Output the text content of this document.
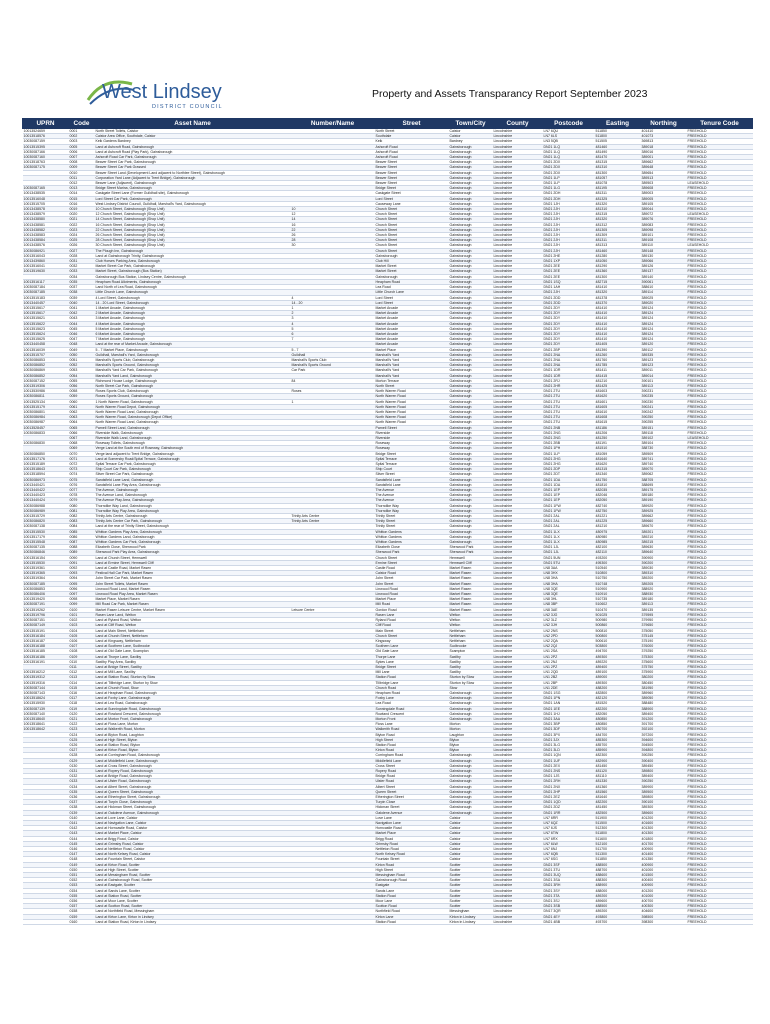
West Lindsey
DISTRICT COUNCIL
Property and Assets Transparancy Report September 2023
UPRN	Code	Asset Name	Number/Name	Street	Town/City	County	Postcode	Easting	Northing	Tenure Code
10013524659	0001	North Street Toilets, Caistor		North Street	Caistor	Lincolnshire	LN7 6QU	511850	401410	FREEHOLD
10013518576	0002	Caistor Area Office, Southdale, Caistor		Southdale	Caistor	Lincolnshire	LN7 6LS	511800	401073	FREEHOLD
10030087159	0003	Kelk Gardens Bardney		Kelk	Bardney	Lincolnshire	LN3 5QB	511505	369813	FREEHOLD
10013515395	0005	Land at Ashcroft Road, Gainsborough		Ashcroft Road	Gainsborough	Lincolnshire	DN21 1LQ	481460	389018	FREEHOLD
10030087166	0006	Land at Ashcroft Road (Play Park), Gainsborough		Ashcroft Road	Gainsborough	Lincolnshire	DN21 1LQ	481490	389016	FREEHOLD
10030087160	0007	Ashcroft Road Car Park, Gainsborough		Ashcroft Road	Gainsborough	Lincolnshire	DN21 1LQ	481470	389001	FREEHOLD
10013518763	0008	Beaver Street Car Park, Gainsborough		Beaver Street	Gainsborough	Lincolnshire	DN21 2DX	481315	389662	FREEHOLD
10030087175	0009	Beaver Street Car Park Grassed		Beaver Street	Gainsborough	Lincolnshire	DN21 2DX	481310	389648	FREEHOLD
	0010	Beaver Street Land (Development Land adjacent to Northlee Street), Gainsborough		Beaver Street	Gainsborough	Lincolnshire	DN21 2DX	481300	389654	FREEHOLD
	0011	Corporation Yard Lane (Adjacent to Trent Bridge), Gainsborough		Beaver Street	Gainsborough	Lincolnshire	DN21 1LP	481057	389513	FREEHOLD
	0012	Beaver Lane (Adjacent), Gainsborough		Beaver Street	Gainsborough	Lincolnshire	DN21 1LP	481078	389503	LEASEHOLD
10030087165	0013	Bridge Street Marina, Gainsborough		Bridge Street	Gainsborough	Lincolnshire	DN21 1LG	481195	389608	FREEHOLD
10013438535	0014	Caskgate Street Lane (Former Guildhall site), Gainsborough		Caskgate Street	Gainsborough	Lincolnshire	DN21 2DH	481311	389003	FREEHOLD
10013516048	0015	Lord Street Car Park, Gainsborough		Lord Street	Gainsborough	Lincolnshire	DN21 2DH	481325	389005	FREEHOLD
10013515705	0016	West Lindsey District Council, Guildhall, Marshall's Yard, Gainsborough		Causeway Lane	Gainsborough	Lincolnshire	DN21 1JH	481320	389105	FREEHOLD
10013438578	0019	10 Church Street, Gainsborough (Shop Unit)	10	Church Street	Gainsborough	Lincolnshire	DN21 2JH	481310	389044	FREEHOLD
10013438579	0020	12 Church Street, Gainsborough (Shop Unit)	12	Church Street	Gainsborough	Lincolnshire	DN21 2JH	481315	389072	LEASEHOLD
10013438580	0021	14 Church Street, Gainsborough (Shop Unit)	14	Church Street	Gainsborough	Lincolnshire	DN21 2JH	481320	389076	FREEHOLD
10013438581	0022	16 Church Street, Gainsborough (Shop Unit)	16	Church Street	Gainsborough	Lincolnshire	DN21 2JH	481312	389083	FREEHOLD
10013438582	0023	22 Church Street, Gainsborough (Shop Unit)	22	Church Street	Gainsborough	Lincolnshire	DN21 2JH	481305	389098	FREEHOLD
10013438583	0024	26 Church Street, Gainsborough (Shop Unit)	26	Church Street	Gainsborough	Lincolnshire	DN21 2JH	481309	389101	FREEHOLD
10013438584	0025	28 Church Street, Gainsborough (Shop Unit)	28	Church Street	Gainsborough	Lincolnshire	DN21 2JH	481311	389108	FREEHOLD
10013438576	0026	30 Church Street, Gainsborough (Shop Unit)	30	Church Street	Gainsborough	Lincolnshire	DN21 2JH	481313	389110	LEASEHOLD
10030086921	0027	The Plough Inn, Gainsborough		Church Street	Gainsborough	Lincolnshire	DN21 2JH	481460	389148	FREEHOLD
10013516043	0028	Land at Gainsborough Trinity, Gainsborough		Gainsborough	Gainsborough	Lincolnshire	DN21 2HE	481280	389130	FREEHOLD
10013439860	0031	Club Horses Parking Area, Gainsborough		Club Hill	Gainsborough	Lincolnshire	DN21 1XP	481050	389066	FREEHOLD
10013516041	0032	Market Street Car Park, Gainsborough		Market Street	Gainsborough	Lincolnshire	DN21 2EE	481290	389126	FREEHOLD
10013519630	0033	Market Street, Gainsborough (Bus Station)		Market Street	Gainsborough	Lincolnshire	DN21 2EE	481360	389137	FREEHOLD
	0034	Gainsborough Bus Station, Lindsey Centre, Gainsborough		Gainsborough	Gainsborough	Lincolnshire	DN21 2EE	481300	389140	FREEHOLD
10013516117	0035	Heapham Road Allotments, Gainsborough		Heapham Road	Gainsborough	Lincolnshire	DN21 1SQ	482715	390061	FREEHOLD
10030087184	0037	Land North of Lea Road, Gainsborough		Lea Road	Gainsborough	Lincolnshire	DN21 1AH	481410	388610	FREEHOLD
10030087185	0038	Little Church Lane, Gainsborough		Little Church Lane	Gainsborough	Lincolnshire	DN21 2JH	481320	389114	FREEHOLD
10013515183	0039	4 Lord Street, Gainsborough	4	Lord Street	Gainsborough	Lincolnshire	DN21 2DD	481378	389025	FREEHOLD
10013440457	0040	14 - 20 Lord Street, Gainsborough	14 - 20	Lord Street	Gainsborough	Lincolnshire	DN21 2DD	481370	389020	FREEHOLD
10013515617	0041	1 Market Arcade, Gainsborough	1	Market Arcade	Gainsborough	Lincolnshire	DN21 2DY	481410	389124	FREEHOLD
10013515617	0042	2 Market Arcade, Gainsborough	2	Market Arcade	Gainsborough	Lincolnshire	DN21 2DY	481410	389124	FREEHOLD
10013515621	0043	3 Market Arcade, Gainsborough	3	Market Arcade	Gainsborough	Lincolnshire	DN21 2DY	481410	389124	FREEHOLD
10013515622	0044	4 Market Arcade, Gainsborough	4	Market Arcade	Gainsborough	Lincolnshire	DN21 2DY	481410	389124	FREEHOLD
10013515623	0045	5 Market Arcade, Gainsborough	5	Market Arcade	Gainsborough	Lincolnshire	DN21 2DY	481410	389124	FREEHOLD
10013515624	0046	6 Market Arcade, Gainsborough	6	Market Arcade	Gainsborough	Lincolnshire	DN21 2DY	481410	389124	FREEHOLD
10013515625	0047	7 Market Arcade, Gainsborough	7	Market Arcade	Gainsborough	Lincolnshire	DN21 2DY	481410	389124	FREEHOLD
10013440458	0048	Land at the rear of Market Arcade, Gainsborough		Market Arcade	Gainsborough	Lincolnshire	DN21 2DY	481405	389120	FREEHOLD
10013516039	0049	5 - 7 Market Place, Gainsborough	5 - 7	Market Place	Gainsborough	Lincolnshire	DN21 2BP	481390	389112	FREEHOLD
10013515707	0050	Guildhall, Marshall's Yard, Gainsborough	Guildhall	Marshall's Yard	Gainsborough	Lincolnshire	DN21 2NA	481260	389335	FREEHOLD
10030086853	0051	Marshall's Sports Club, Gainsborough	Marshall's Sports Club	Marshall's Yard	Gainsborough	Lincolnshire	DN21 2NA	481760	389123	FREEHOLD
10030086852	0052	Marshall's Sports Ground, Gainsborough	Marshall's Sports Ground	Marshall's Yard	Gainsborough	Lincolnshire	DN21 2NA	481785	389123	FREEHOLD
10030086869	0053	Marshall's Yard Car Park, Gainsborough	Car Park	Marshall's Yard	Gainsborough	Lincolnshire	DN21 1DR	481411	389011	FREEHOLD
10030086852	0054	Marshall's Yard Land, Gainsborough		Marshall's Yard	Gainsborough	Lincolnshire	DN21 1DR	481415	389014	FREEHOLD
10030087152	0055	Richmond House Lodge, Gainsborough	84	Morton Terrace	Gainsborough	Lincolnshire	DN21 2RJ	481210	390101	FREEHOLD
10013519306	0056	North Street Car Park, Gainsborough		North Street	Gainsborough	Lincolnshire	DN21 2HR	481425	389113	FREEHOLD
10013530986	0058	Roses Sports Club, Gainsborough	Roses	North Warren Road	Gainsborough	Lincolnshire	DN21 2TU	481603	390231	FREEHOLD
10030086811	0059	Roses Sports Ground, Gainsborough		North Warren Road	Gainsborough	Lincolnshire	DN21 2TU	481620	390235	FREEHOLD
10013525134	0060	1 North Warren Road, Gainsborough	1	North Warren Road	Gainsborough	Lincolnshire	DN21 2TU	481601	390230	FREEHOLD
10013515179	0061	North Warren Road Depot, Gainsborough		North Warren Road	Gainsborough	Lincolnshire	DN21 2TU	481605	390241	FREEHOLD
10030086801	0062	North Warren Road Land, Gainsborough		North Warren Road	Gainsborough	Lincolnshire	DN21 2TU	481610	390242	FREEHOLD
10030086984	0063	North Warren Road, Gainsborough (Depot Office)		North Warren Road	Gainsborough	Lincolnshire	DN21 2TU	481608	390250	FREEHOLD
10030086987	0064	North Warren Road Land, Gainsborough		North Warren Road	Gainsborough	Lincolnshire	DN21 2TU	481615	390255	FREEHOLD
10013528457	0065	Parnell Street Land, Gainsborough		Parnell Street	Gainsborough	Lincolnshire	DN21 2NB	481186	389151	FREEHOLD
10030086833	0066	Riverside Walk, Gainsborough		Riverside	Gainsborough	Lincolnshire	DN21 2NG	481206	389118	FREEHOLD
	0067	Riverside Walk Land, Gainsborough		Riverside	Gainsborough	Lincolnshire	DN21 2NG	481250	389102	LEASEHOLD
10030086830	0068	Roseway Toilets, Gainsborough		Roseway	Gainsborough	Lincolnshire	DN21 2BB	481191	389104	FREEHOLD
	0069	Verge Land at the South end of Roseway, Gainsborough		Roseway	Gainsborough	Lincolnshire	DN21 1PH	481510	388730	FREEHOLD
10030086850	0070	Verge land adjacent to Trent Bridge, Gainsborough		Bridge Street	Gainsborough	Lincolnshire	DN21 1LP	481059	389509	FREEHOLD
10013517176	0071	Land at Somersby Road/Spital Terrace, Gainsborough		Spital Terrace	Gainsborough	Lincolnshire	DN21 2HG	481640	389741	FREEHOLD
10013515189	0072	Spital Terrace Car Park, Gainsborough		Spital Terrace	Gainsborough	Lincolnshire	DN21 2HG	481620	389740	FREEHOLD
10013518643	0073	Ship Court Car Park, Gainsborough		Ship Court	Gainsborough	Lincolnshire	DN21 2DP	481315	389070	FREEHOLD
10013518594	0074	Silver Street Car Park, Gainsborough		Silver Street	Gainsborough	Lincolnshire	DN21 2DT	481340	389062	FREEHOLD
10030086973	0075	Sandsfield Lane Land, Gainsborough		Sandsfield Lane	Gainsborough	Lincolnshire	DN21 1DA	481750	388705	FREEHOLD
10013440421	0076	Sandsfield Lane Play Area, Gainsborough		Sandsfield Lane	Gainsborough	Lincolnshire	DN21 1DA	481810	388695	FREEHOLD
10013440422	0077	The Avenue, Gainsborough		The Avenue	Gainsborough	Lincolnshire	DN21 1EP	482035	389175	FREEHOLD
10013440423	0078	The Avenue Land, Gainsborough		The Avenue	Gainsborough	Lincolnshire	DN21 1EP	482046	389180	FREEHOLD
10013440424	0079	The Avenue Play Area, Gainsborough		The Avenue	Gainsborough	Lincolnshire	DN21 1EP	482050	389190	FREEHOLD
10030086988	0080	Thorndike Way Land, Gainsborough		Thorndike Way	Gainsborough	Lincolnshire	DN21 1FW	482740	389920	FREEHOLD
10030086989	0081	Thorndike Way Play Area, Gainsborough		Thorndike Way	Gainsborough	Lincolnshire	DN21 1FW	482750	389925	FREEHOLD
10013515729	0082	Trinity Arts Centre, Gainsborough	Trinity Arts Centre	Trinity Street	Gainsborough	Lincolnshire	DN21 2AL	481221	389662	FREEHOLD
10030086820	0083	Trinity Arts Centre Car Park, Gainsborough	Trinity Arts Centre	Trinity Street	Gainsborough	Lincolnshire	DN21 2AL	481225	389660	FREEHOLD
10030087138	0084	Land at the rear of Trinity Street, Gainsborough		Trinity Street	Gainsborough	Lincolnshire	DN21 2AL	481210	389670	FREEHOLD
10013515530	0085	Whitton Gardens Play Area, Gainsborough		Whitton Gardens	Gainsborough	Lincolnshire	DN21 1LX	480975	389201	FREEHOLD
10013517179	0086	Whitton Gardens Land, Gainsborough		Whitton Gardens	Gainsborough	Lincolnshire	DN21 1LX	480980	389210	FREEHOLD
10013515548	0087	Whitton Gardens Car Park, Gainsborough		Whitton Gardens	Gainsborough	Lincolnshire	DN21 1LX	480985	389215	FREEHOLD
10030087135	0088	Elizabeth Close, Sherwood Park		Elizabeth Close	Sherwood Park	Lincolnshire	DN21 1JL	482100	389630	FREEHOLD
10030086846	0089	Sherwood Park Play Area, Gainsborough		Sherwood Park	Sherwood Park	Lincolnshire	DN21 1JL	482110	389640	FREEHOLD
10013516154	0090	Land at Church Street, Hemswell		Church Street	Hemswell	Lincolnshire	DN21 5UN	493200	390900	FREEHOLD
10013515530	0091	Land at Ermine Street, Hemswell Cliff		Ermine Street	Hemswell Cliff	Lincolnshire	DN21 5TU	495300	390200	FREEHOLD
10013519361	0092	Land at Castle Road, Market Rasen		Castle Road	Market Rasen	Lincolnshire	LN8 3AA	510540	389030	FREEHOLD
10013519365	0093	Festival Hall Car Park, Market Rasen		Caistor Road	Market Rasen	Lincolnshire	LN8 3HX	510800	389310	FREEHOLD
10013519364	0094	John Street Car Park, Market Rasen		John Street	Market Rasen	Lincolnshire	LN8 3HA	510750	389200	FREEHOLD
10030087185	0095	John Street Toilets, Market Rasen		John Street	Market Rasen	Lincolnshire	LN8 3HA	510748	389205	FREEHOLD
10030086853	0096	Linwood Road Land, Market Rasen		Linwood Road	Market Rasen	Lincolnshire	LN8 3QE	510900	388920	FREEHOLD
10030086406	0097	Linwood Road Play Area, Market Rasen		Linwood Road	Market Rasen	Lincolnshire	LN8 3QE	510910	388930	FREEHOLD
10013519420	0098	Market Place, Market Rasen		Market Place	Market Rasen	Lincolnshire	LN8 3HL	510735	389180	FREEHOLD
10030087191	0099	Mill Road Car Park, Market Rasen		Mill Road	Market Rasen	Lincolnshire	LN8 3BP	510602	389113	FREEHOLD
10013519262	0100	Market Rasen Leisure Centre, Market Rasen	Leisure Centre	Gordon Road	Market Rasen	Lincolnshire	LN8 3AE	510470	389135	FREEHOLD
10013519796	0101	Rasen Lane Land, Welton		Rasen Lane	Welton	Lincolnshire	LN2 3JG	501025	379595	FREEHOLD
10030087151	0102	Land at Ryland Road, Welton		Ryland Road	Welton	Lincolnshire	LN2 3LZ	500980	379950	FREEHOLD
10030087149	0103	Land at Cliff Road, Welton		Cliff Road	Welton	Lincolnshire	LN2 3JH	500860	379650	FREEHOLD
10013515191	0104	Land at Main Street, Nettleham		Main Street	Nettleham	Lincolnshire	LN2 2NS	500810	375050	FREEHOLD
10013516184	0105	Land at Church Street, Nettleham		Church Street	Nettleham	Lincolnshire	LN2 2PD	500800	375145	FREEHOLD
10013516187	0106	Land at Kingsway, Nettleham		Kingsway	Nettleham	Lincolnshire	LN2 2QA	500610	375190	FREEHOLD
10013516188	0107	Land at Scothern Lane, Sudbrooke		Scothern Lane	Sudbrooke	Lincolnshire	LN2 2QJ	503800	376000	FREEHOLD
10013516185	0108	Land at Old Gate Lane, Scampton		Old Gate Lane	Scampton	Lincolnshire	LN1 2SA	494700	379250	FREEHOLD
10013516186	0109	Land at Thorpe Lane, Saxilby		Thorpe Lane	Saxilby	Lincolnshire	LN1 2PZ	489300	375300	FREEHOLD
10013516191	0110	Saxilby Play Area, Saxilby		Sykes Lane	Saxilby	Lincolnshire	LN1 2NJ	489220	375600	FREEHOLD
	0111	Land at Bridge Street, Saxilby		Bridge Street	Saxilby	Lincolnshire	LN1 2PZ	489400	375750	FREEHOLD
10013516212	0112	Land at Mill Lane, Saxilby		Mill Lane	Saxilby	Lincolnshire	LN1 2QD	489100	375900	FREEHOLD
10013519312	0113	Land at Station Road, Sturton by Stow		Station Road	Sturton by Stow	Lincolnshire	LN1 2BZ	489000	380200	FREEHOLD
10013519316	0114	Land at Tillbridge Lane, Sturton by Stow		Tillbridge Lane	Sturton by Stow	Lincolnshire	LN1 2BP	489300	380450	FREEHOLD
10030087144	0115	Land at Church Road, Stow		Church Road	Stow	Lincolnshire	LN1 2DE	488200	381950	FREEHOLD
10030087143	0116	Land at Heapham Road, Gainsborough		Heapham Road	Gainsborough	Lincolnshire	DN21 1SG	482800	389960	FREEHOLD
10013518624	0117	Land at Foxby Lane, Gainsborough		Foxby Lane	Gainsborough	Lincolnshire	DN21 1PN	482120	389050	FREEHOLD
10013515930	0118	Land at Lea Road, Gainsborough		Lea Road	Gainsborough	Lincolnshire	DN21 1AN	481520	388480	FREEHOLD
10030087139	0119	Land at Sunningdale Road, Gainsborough		Sunningdale Road	Gainsborough	Lincolnshire	DN21 1EE	482200	388900	FREEHOLD
10030087140	0120	Land at Rowland Crescent, Gainsborough		Rowland Crescent	Gainsborough	Lincolnshire	DN21 1HJ	482050	389400	FREEHOLD
10013518640	0121	Land at Morton Front, Gainsborough		Morton Front	Gainsborough	Lincolnshire	DN21 3AA	480850	391200	FREEHOLD
10013518641	0122	Land at Floss Lane, Morton		Floss Lane	Morton	Lincolnshire	DN21 3BP	480850	391700	FREEHOLD
10013518642	0123	Land at Walkerith Road, Morton		Walkerith Road	Morton	Lincolnshire	DN21 3DF	480700	392100	FREEHOLD
	0124	Land at Blyton Road, Laughton		Blyton Road	Laughton	Lincolnshire	DN21 3PX	484700	397200	FREEHOLD
	0125	Land at High Street, Blyton		High Street	Blyton	Lincolnshire	DN21 3JX	485300	394600	FREEHOLD
	0126	Land at Station Road, Blyton		Station Road	Blyton	Lincolnshire	DN21 3LG	485700	394500	FREEHOLD
	0127	Land at Kirton Road, Blyton		Kirton Road	Blyton	Lincolnshire	DN21 3LD	485900	394800	FREEHOLD
	0128	Land at Corringham Road, Gainsborough		Corringham Road	Gainsborough	Lincolnshire	DN21 1QN	482300	390250	FREEHOLD
	0129	Land at Middlefield Lane, Gainsborough		Middlefield Lane	Gainsborough	Lincolnshire	DN21 1UF	482900	390400	FREEHOLD
	0130	Land at Cross Street, Gainsborough		Cross Street	Gainsborough	Lincolnshire	DN21 2EX	481450	389450	FREEHOLD
	0131	Land at Ropery Road, Gainsborough		Ropery Road	Gainsborough	Lincolnshire	DN21 2NS	481120	389800	FREEHOLD
	0132	Land at Bridge Road, Gainsborough		Bridge Road	Gainsborough	Lincolnshire	DN21 1JS	481110	389400	FREEHOLD
	0133	Land at Ulster Road, Gainsborough		Ulster Road	Gainsborough	Lincolnshire	DN21 2RH	481330	390250	FREEHOLD
	0134	Land at Albert Street, Gainsborough		Albert Street	Gainsborough	Lincolnshire	DN21 2NX	481360	389900	FREEHOLD
	0135	Land at Queen Street, Gainsborough		Queen Street	Gainsborough	Lincolnshire	DN21 2HP	481560	389500	FREEHOLD
	0136	Land at Etherington Street, Gainsborough		Etherington Street	Gainsborough	Lincolnshire	DN21 2EZ	481640	389800	FREEHOLD
	0137	Land at Turpin Close, Gainsborough		Turpin Close	Gainsborough	Lincolnshire	DN21 1QD	482200	390100	FREEHOLD
	0138	Land at Hickman Street, Gainsborough		Hickman Street	Gainsborough	Lincolnshire	DN21 2DZ	481450	389300	FREEHOLD
	0139	Land at Oakdene Avenue, Gainsborough		Oakdene Avenue	Gainsborough	Lincolnshire	DN21 1RR	482500	389600	FREEHOLD
	0140	Land at Love Lane, Caistor		Love Lane	Caistor	Lincolnshire	LN7 6RR	511900	401200	FREEHOLD
	0141	Land at Navigation Lane, Caistor		Navigation Lane	Caistor	Lincolnshire	LN7 6QZ	511500	401600	FREEHOLD
	0142	Land at Horncastle Road, Caistor		Horncastle Road	Caistor	Lincolnshire	LN7 6JS	512300	401300	FREEHOLD
	0143	Land at Market Place, Caistor		Market Place	Caistor	Lincolnshire	LN7 6TW	511800	401300	FREEHOLD
	0144	Land at Brigg Road, Caistor		Brigg Road	Caistor	Lincolnshire	LN7 6RX	511600	401800	FREEHOLD
	0145	Land at Grimsby Road, Caistor		Grimsby Road	Caistor	Lincolnshire	LN7 6LW	512100	401700	FREEHOLD
	0146	Land at Nettleton Road, Caistor		Nettleton Road	Caistor	Lincolnshire	LN7 6NJ	511700	400900	FREEHOLD
	0147	Land at North Kelsey Road, Caistor		North Kelsey Road	Caistor	Lincolnshire	LN7 6QB	511300	401400	FREEHOLD
	0148	Land at Fountain Street, Caistor		Fountain Street	Caistor	Lincolnshire	LN7 6SG	511850	401350	FREEHOLD
	0149	Land at Kirton Road, Scotter		Kirton Road	Scotter	Lincolnshire	DN21 3SF	488500	400900	FREEHOLD
	0150	Land at High Street, Scotter		High Street	Scotter	Lincolnshire	DN21 3TU	488700	401000	FREEHOLD
	0151	Land at Messingham Road, Scotter		Messingham Road	Scotter	Lincolnshire	DN21 3UQ	488600	401500	FREEHOLD
	0152	Land at Gainsborough Road, Scotter		Gainsborough Road	Scotter	Lincolnshire	DN21 3SA	488300	400400	FREEHOLD
	0153	Land at Eastgate, Scotter		Eastgate	Scotter	Lincolnshire	DN21 3RH	488900	400900	FREEHOLD
	0154	Land at Sands Lane, Scotter		Sands Lane	Scotter	Lincolnshire	DN21 3SY	488000	401200	FREEHOLD
	0155	Land at Station Road, Scotter		Station Road	Scotter	Lincolnshire	DN21 3TA	489200	401000	FREEHOLD
	0156	Land at Moor Lane, Scotter		Moor Lane	Scotter	Lincolnshire	DN21 3SJ	489600	400700	FREEHOLD
	0157	Land at Scotton Road, Scotter		Scotton Road	Scotter	Lincolnshire	DN21 3SB	488500	400300	FREEHOLD
	0158	Land at Northfield Road, Messingham		Northfield Road	Messingham	Lincolnshire	DN17 3QR	489200	404600	FREEHOLD
	0159	Land at Kirton Lane, Kirton in Lindsey		Kirton Lane	Kirton in Lindsey	Lincolnshire	DN21 4EY	493800	398500	FREEHOLD
	0160	Land at Station Road, Kirton in Lindsey		Station Road	Kirton in Lindsey	Lincolnshire	DN21 4BB	493700	398300	FREEHOLD
